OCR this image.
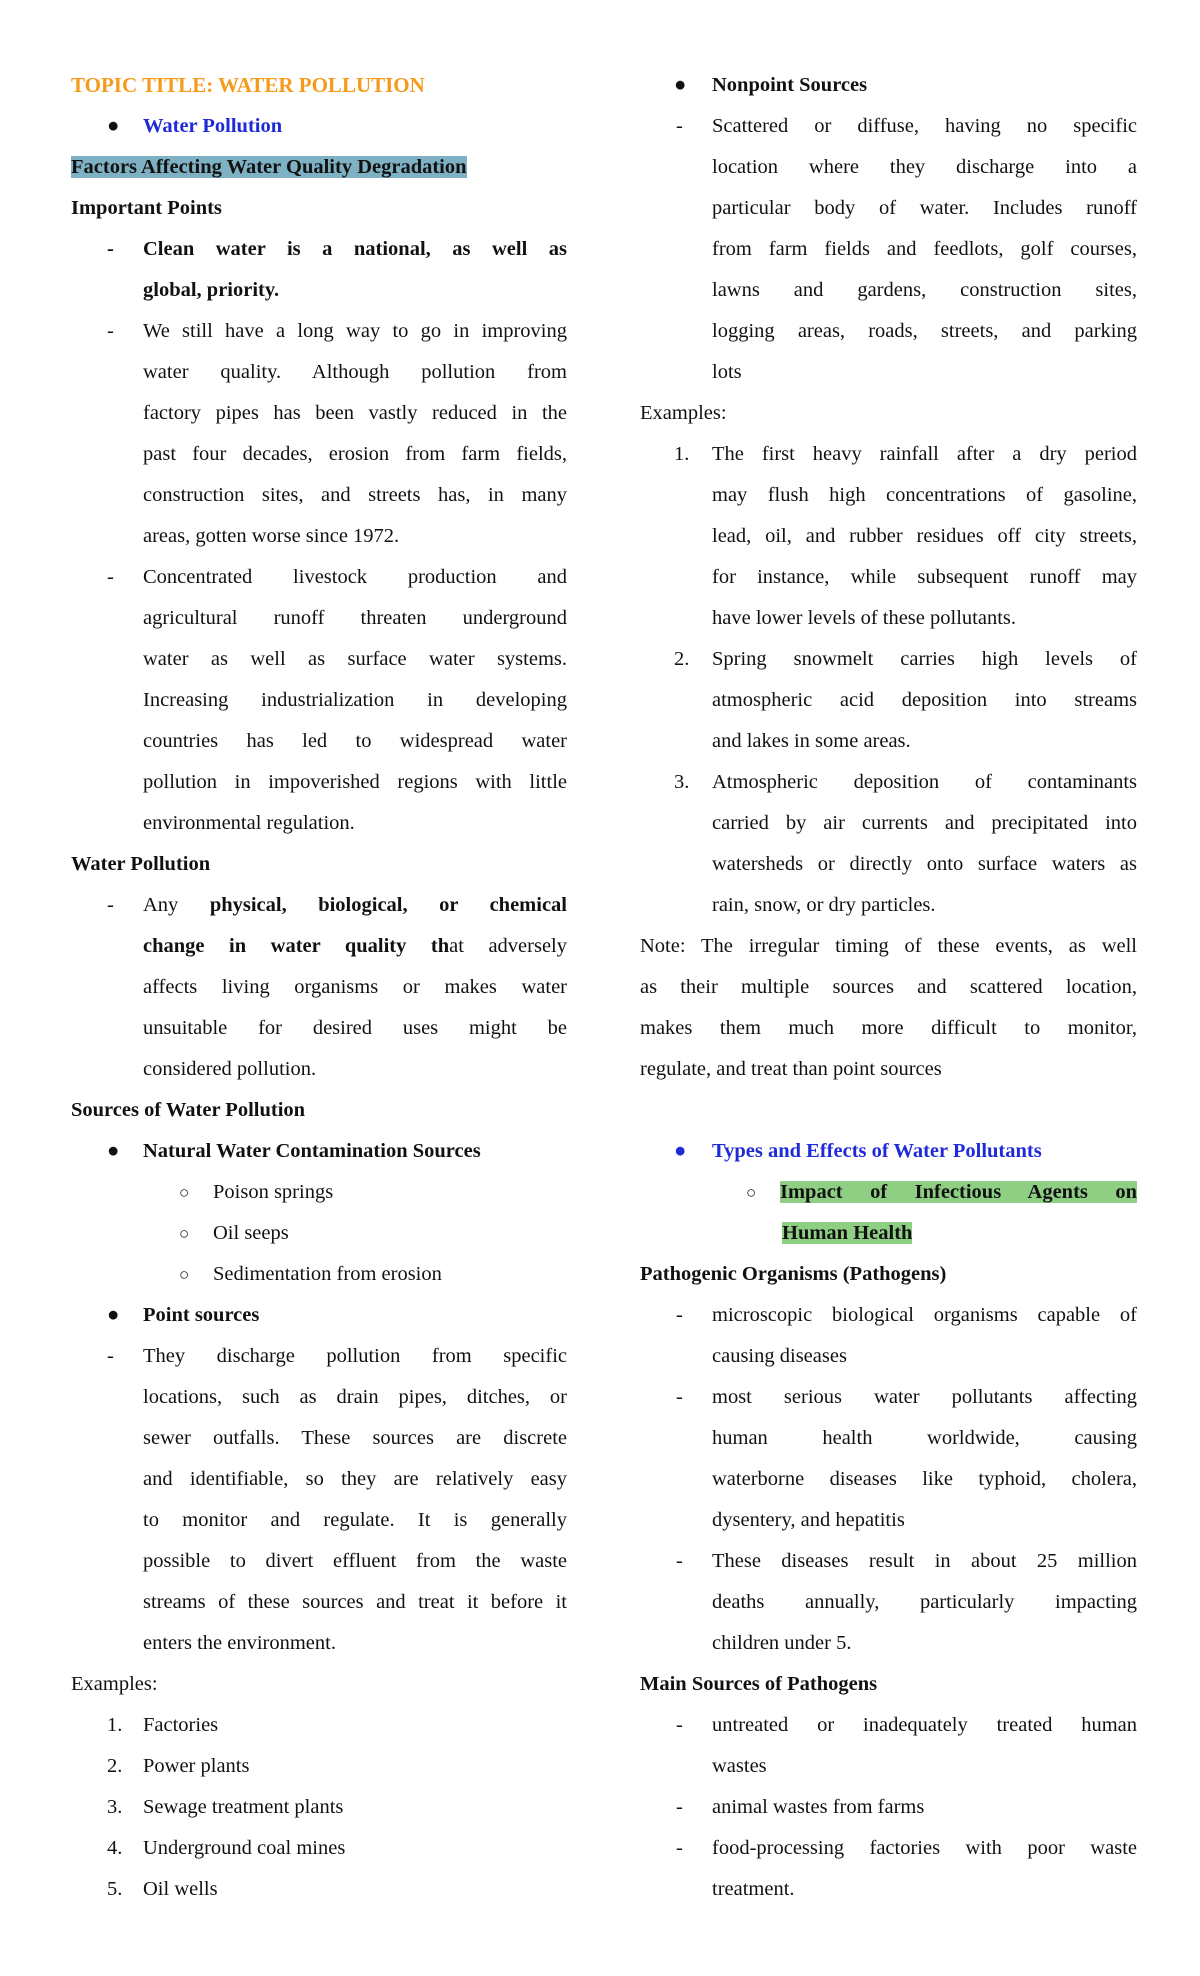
TOPIC TITLE: WATER POLLUTION

●	Water Pollution

Factors Affecting Water Quality Degradation

Important Points

- Clean water is a national, as well as

global, priority.

- We still have a long way to go in improving

water quality. Although pollution from

factory pipes has been vastly reduced in the

past four decades, erosion from farm fields,

construction sites, and streets has, in many

areas, gotten worse since 1972.

- Concentrated livestock production and

agricultural runoff threaten underground

water as well as surface water systems.

Increasing industrialization in developing

countries has led to widespread water

pollution in impoverished regions with little

environmental regulation.

Water Pollution

- Any physical, biological, or chemical

change in water quality that adversely

affects living organisms or makes water

unsuitable for desired uses might be

considered pollution.

Sources of Water Pollution

●	Natural Water Contamination Sources
○	Poison springs
○	Oil seeps
○	Sedimentation from erosion
●	Point sources
- They discharge pollution from specific

locations, such as drain pipes, ditches, or

sewer outfalls. These sources are discrete

and identifiable, so they are relatively easy

to monitor and regulate. It is generally

possible to divert effluent from the waste

streams of these sources and treat it before it

enters the environment.

Examples:

1.	Factories
2.	Power plants
3.	Sewage treatment plants
4.	Underground coal mines
5.	Oil wells
●	Nonpoint Sources
- Scattered or diffuse, having no specific

location where they discharge into a

particular body of water. Includes runoff

from farm fields and feedlots, golf courses,

lawns and gardens, construction sites,

logging areas, roads, streets, and parking

lots

Examples:

1. The first heavy rainfall after a dry period

may flush high concentrations of gasoline,

lead, oil, and rubber residues off city streets,

for instance, while subsequent runoff may

have lower levels of these pollutants.

2. Spring snowmelt carries high levels of

atmospheric acid deposition into streams

and lakes in some areas.

3. Atmospheric deposition of contaminants

carried by air currents and precipitated into

watersheds or directly onto surface waters as

rain, snow, or dry particles.

Note: The irregular timing of these events, as well

as their multiple sources and scattered location,

makes them much more difficult to monitor,

regulate, and treat than point sources

●	Types and Effects of Water Pollutants
○ Impact of Infectious Agents on

Human Health

Pathogenic Organisms (Pathogens)

- microscopic biological organisms capable of

causing diseases

- most serious water pollutants affecting

human health worldwide, causing

waterborne diseases like typhoid, cholera,

dysentery, and hepatitis

- These diseases result in about 25 million

deaths annually, particularly impacting

children under 5.

Main Sources of Pathogens

- untreated or inadequately treated human

wastes

- animal wastes from farms

- food-processing factories with poor waste

treatment.
